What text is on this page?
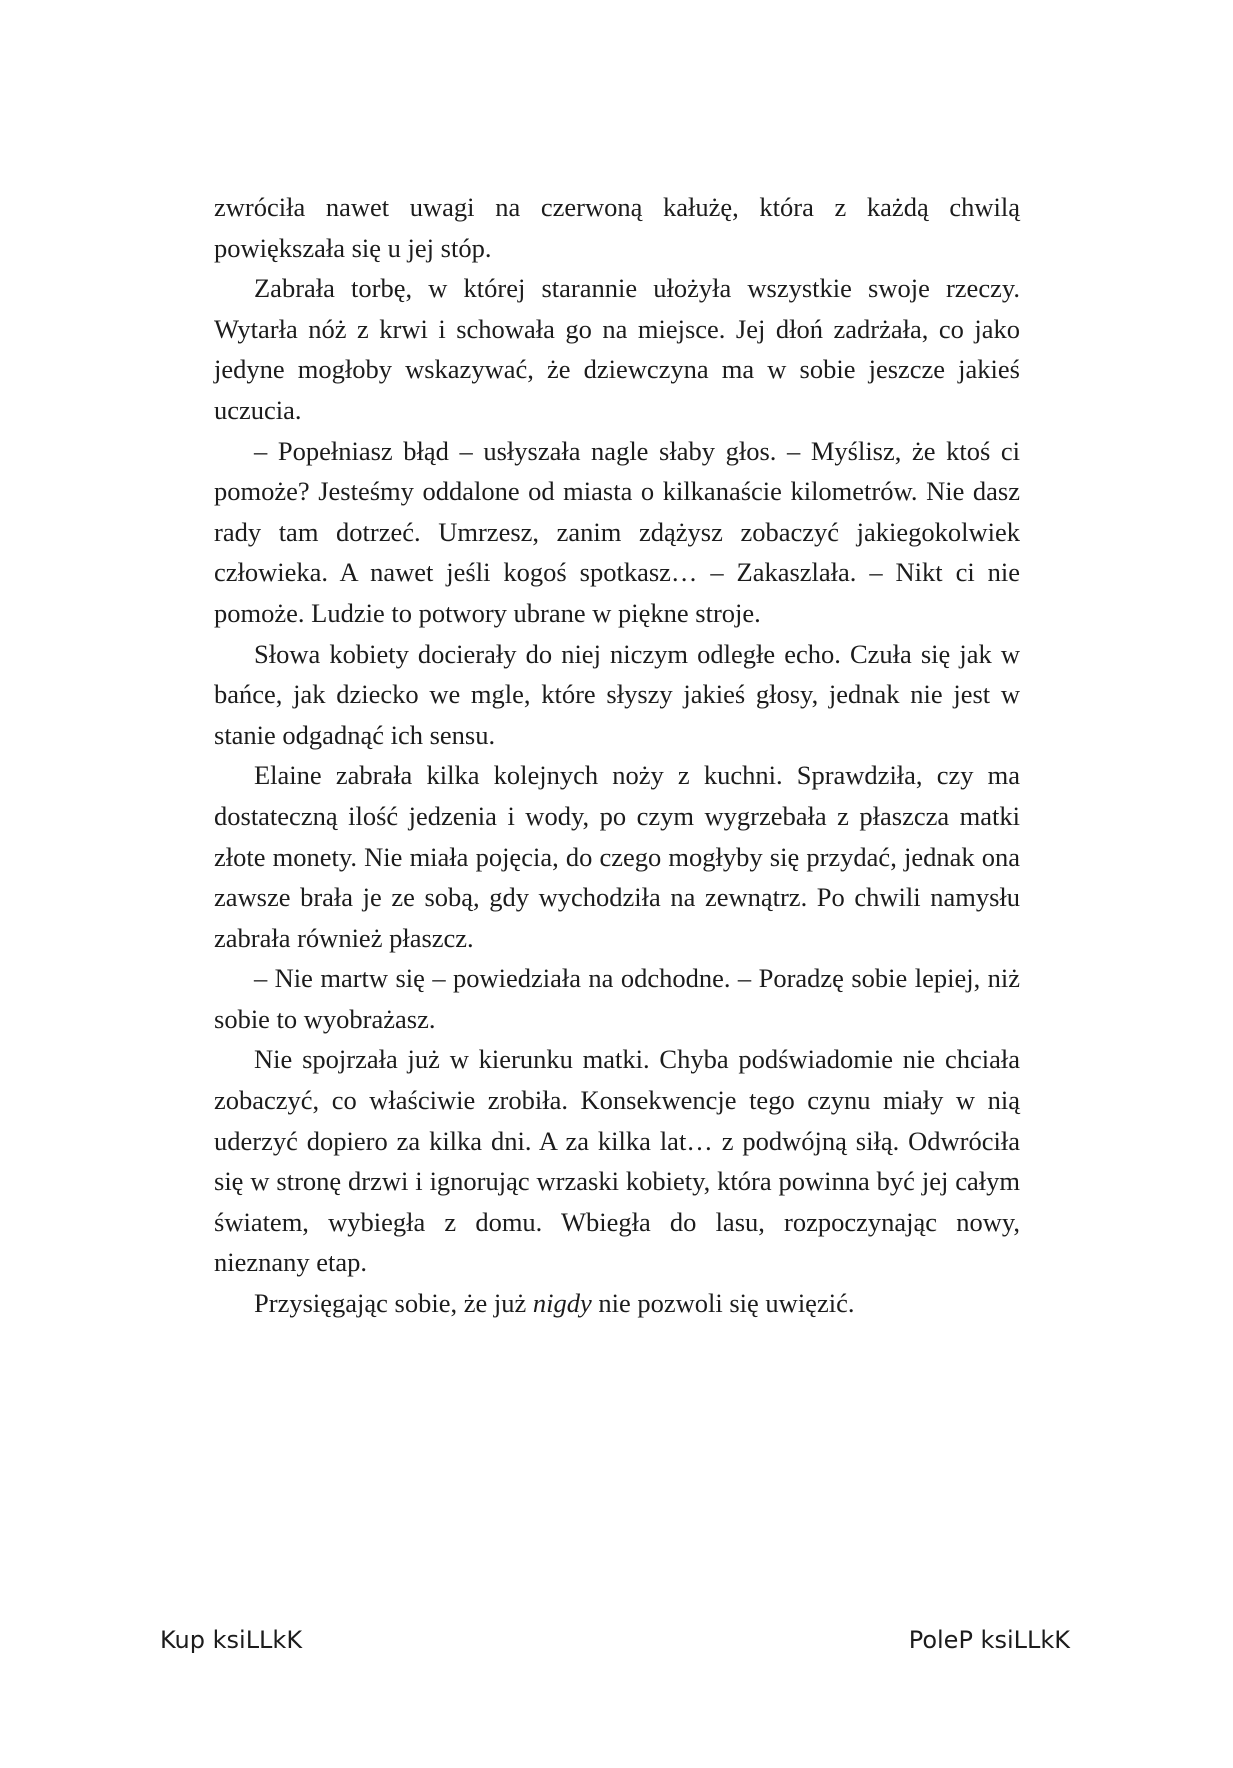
zwróciła nawet uwagi na czerwoną kałużę, która z każdą chwilą powiększała się u jej stóp.

Zabrała torbę, w której starannie ułożyła wszystkie swoje rzeczy. Wytarła nóż z krwi i schowała go na miejsce. Jej dłoń zadrżała, co jako jedyne mogłoby wskazywać, że dziewczyna ma w sobie jeszcze jakieś uczucia.

– Popełniasz błąd – usłyszała nagle słaby głos. – Myślisz, że ktoś ci pomoże? Jesteśmy oddalone od miasta o kilkanaście kilometrów. Nie dasz rady tam dotrzeć. Umrzesz, zanim zdążysz zobaczyć jakiegokolwiek człowieka. A nawet jeśli kogoś spotkasz… – Zakaszlała. – Nikt ci nie pomoże. Ludzie to potwory ubrane w piękne stroje.

Słowa kobiety docierały do niej niczym odległe echo. Czuła się jak w bańce, jak dziecko we mgle, które słyszy jakieś głosy, jednak nie jest w stanie odgadnąć ich sensu.

Elaine zabrała kilka kolejnych noży z kuchni. Sprawdziła, czy ma dostateczną ilość jedzenia i wody, po czym wygrzebała z płaszcza matki złote monety. Nie miała pojęcia, do czego mogłyby się przydać, jednak ona zawsze brała je ze sobą, gdy wychodziła na zewnątrz. Po chwili namysłu zabrała również płaszcz.

– Nie martw się – powiedziała na odchodne. – Poradzę sobie lepiej, niż sobie to wyobrażasz.

Nie spojrzała już w kierunku matki. Chyba podświadomie nie chciała zobaczyć, co właściwie zrobiła. Konsekwencje tego czynu miały w nią uderzyć dopiero za kilka dni. A za kilka lat… z podwójną siłą. Odwróciła się w stronę drzwi i ignorując wrzaski kobiety, która powinna być jej całym światem, wybiegła z domu. Wbiegła do lasu, rozpoczynając nowy, nieznany etap.

Przysięgając sobie, że już nigdy nie pozwoli się uwięzić.

Kup ksiLLkK	PoleP ksiLLkK
